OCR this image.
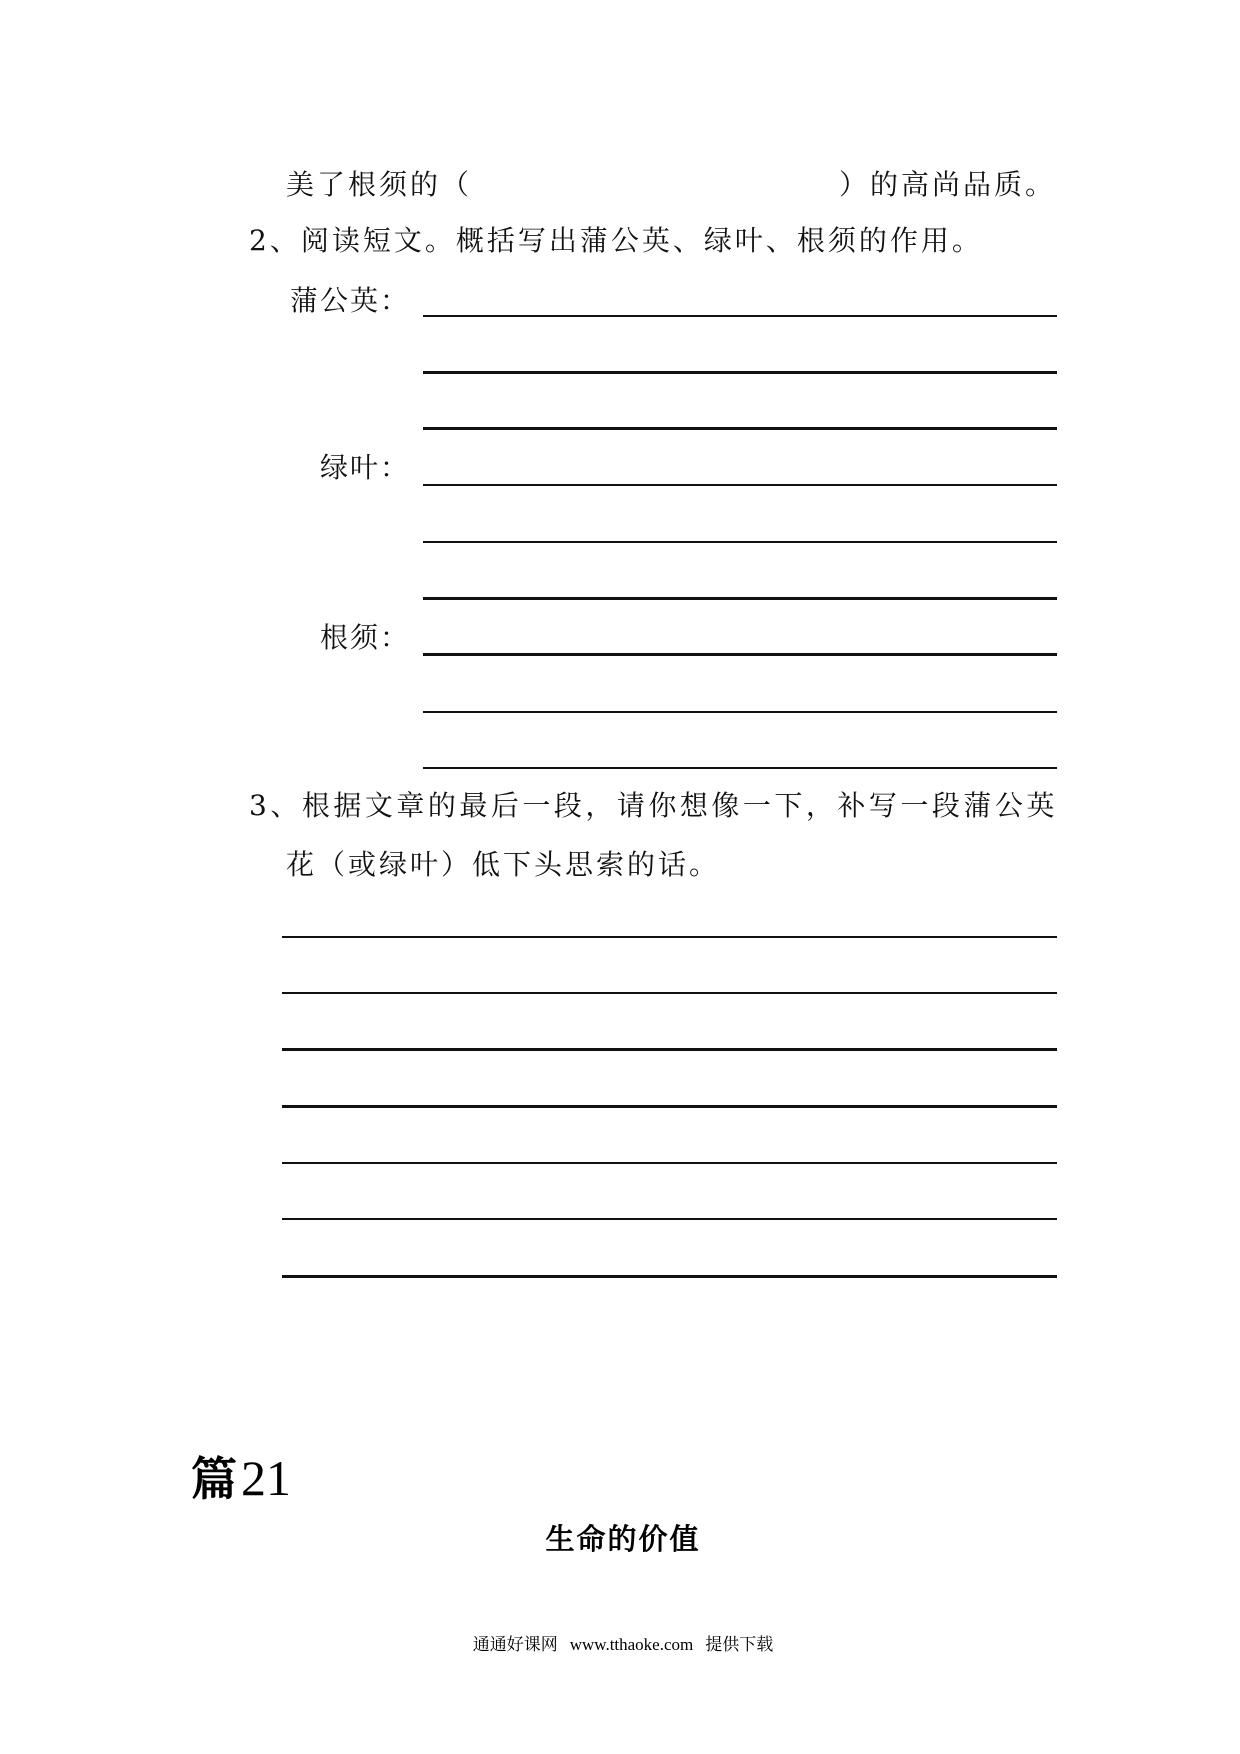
美了根须的（	）的高尚品质。
2、阅读短文。概括写出蒲公英、绿叶、根须的作用。
蒲公英：
绿叶：
根须：
3、根据文章的最后一段，请你想像一下，补写一段蒲公英
花（或绿叶）低下头思索的话。
篇21
生命的价值
通通好课网 www.tthaoke.com 提供下载
